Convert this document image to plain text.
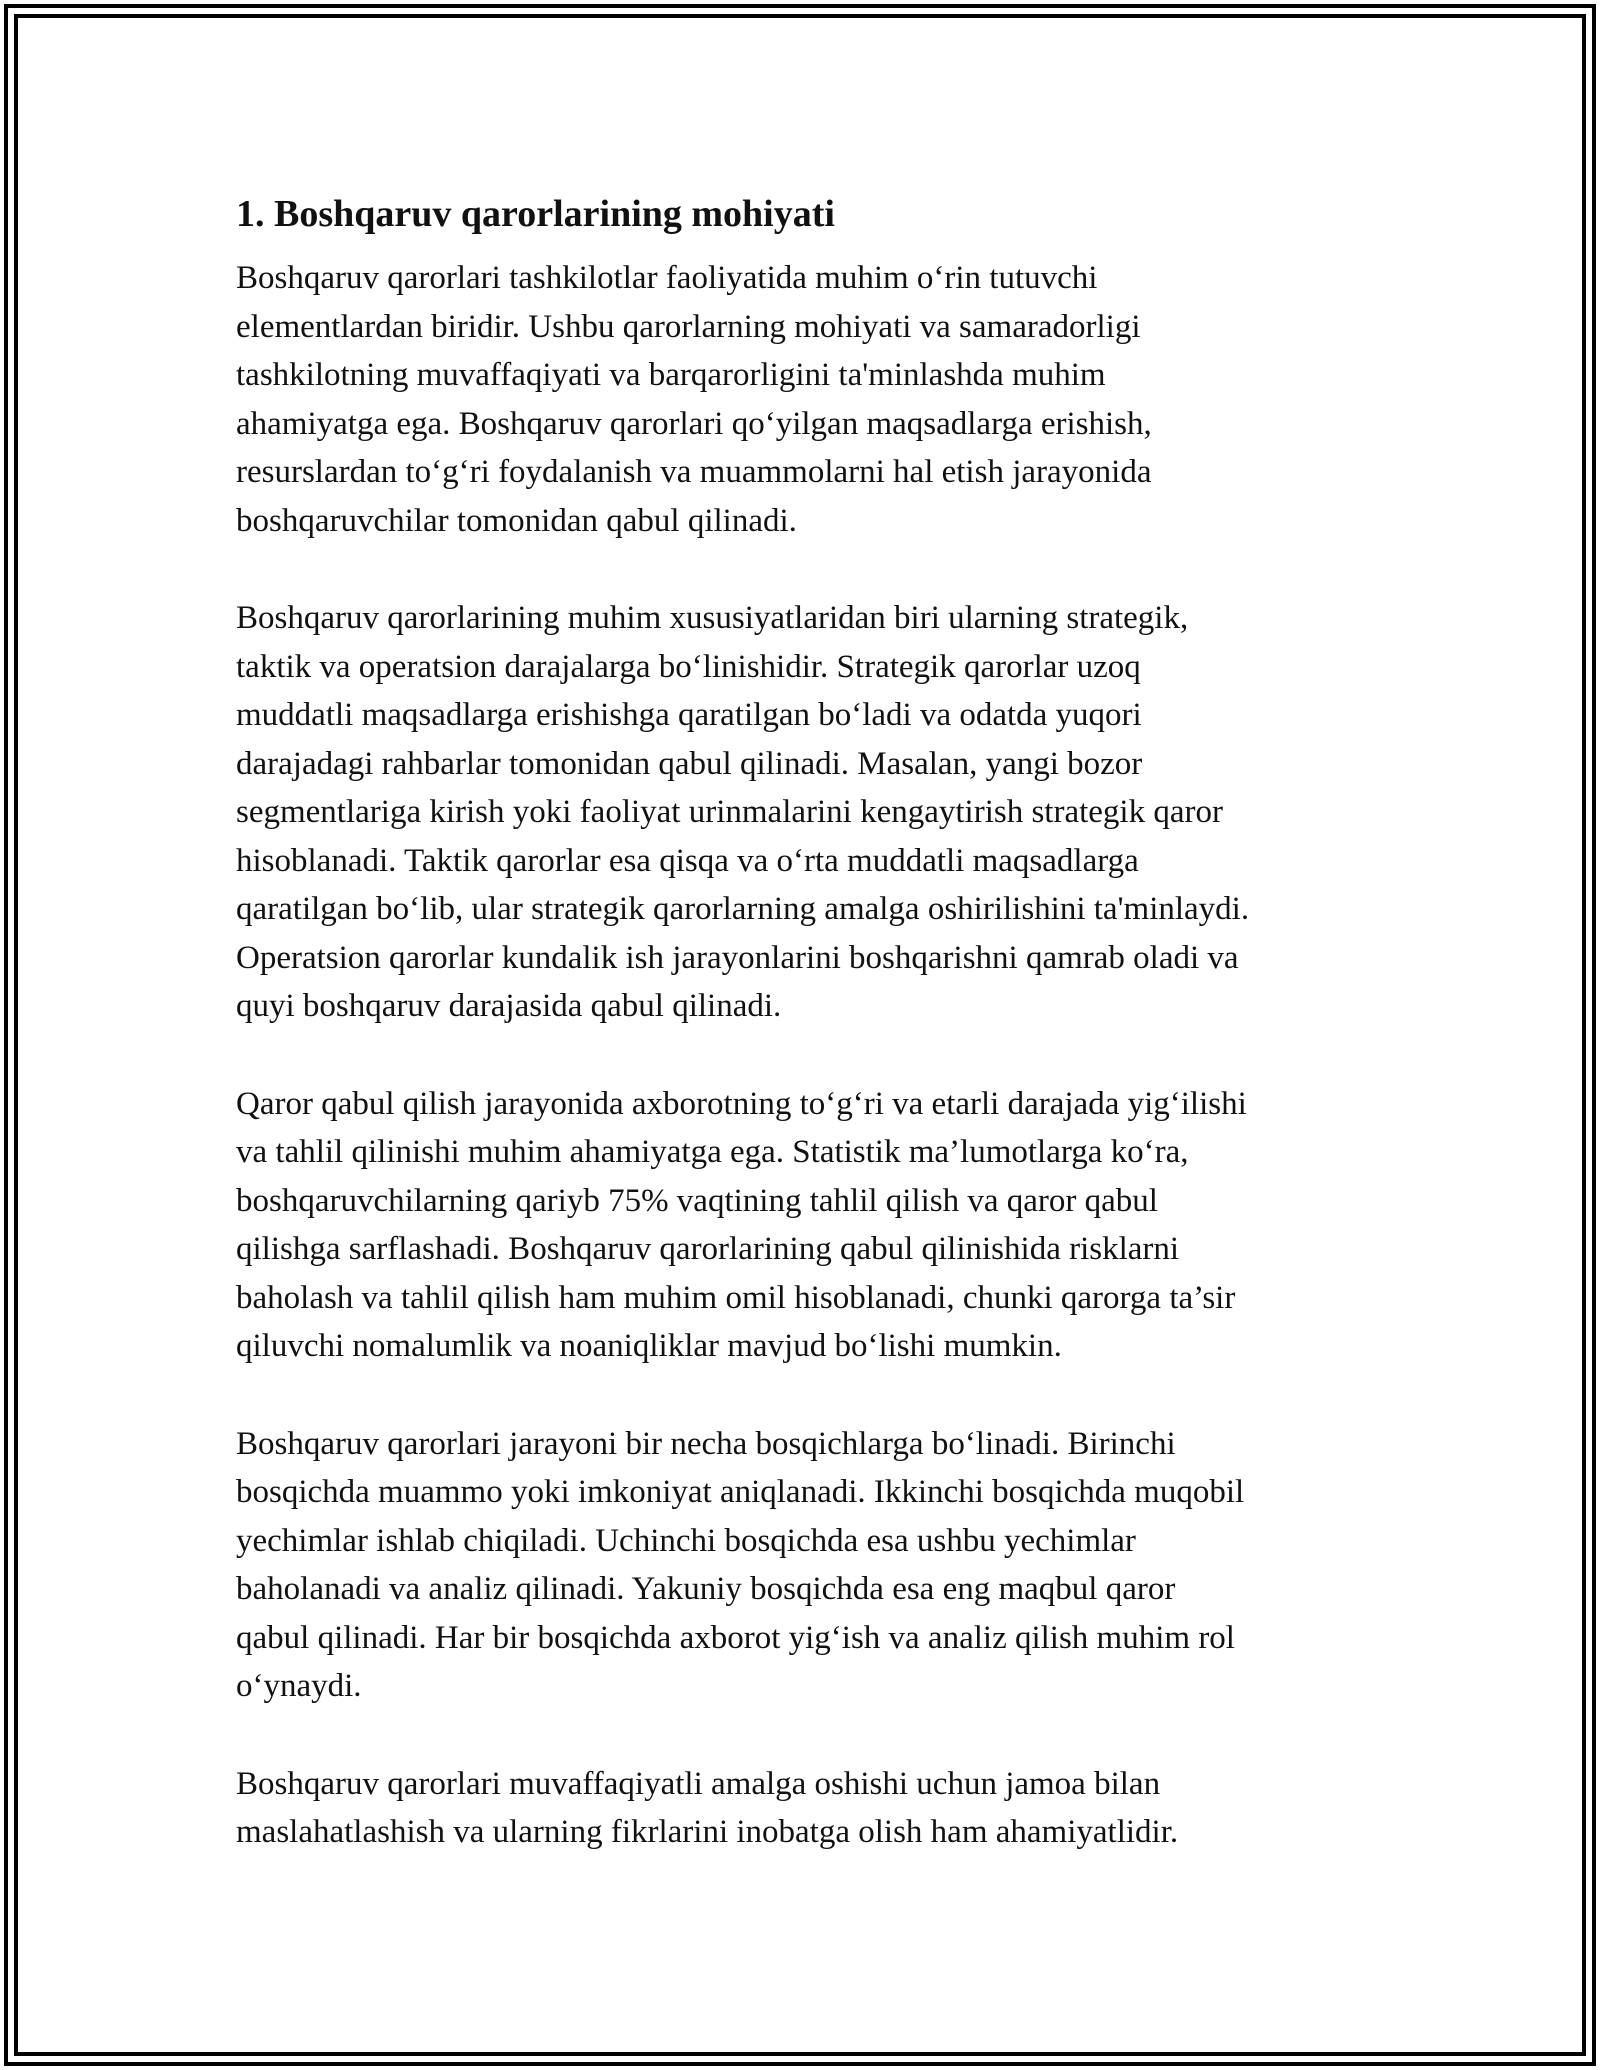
1. Boshqaruv qarorlarining mohiyati

Boshqaruv qarorlari tashkilotlar faoliyatida muhim o‘rin tutuvchi
elementlardan biridir. Ushbu qarorlarning mohiyati va samaradorligi
tashkilotning muvaffaqiyati va barqarorligini ta'minlashda muhim
ahamiyatga ega. Boshqaruv qarorlari qo‘yilgan maqsadlarga erishish,
resurslardan to‘g‘ri foydalanish va muammolarni hal etish jarayonida
boshqaruvchilar tomonidan qabul qilinadi.

Boshqaruv qarorlarining muhim xususiyatlaridan biri ularning strategik,
taktik va operatsion darajalarga bo‘linishidir. Strategik qarorlar uzoq
muddatli maqsadlarga erishishga qaratilgan bo‘ladi va odatda yuqori
darajadagi rahbarlar tomonidan qabul qilinadi. Masalan, yangi bozor
segmentlariga kirish yoki faoliyat urinmalarini kengaytirish strategik qaror
hisoblanadi. Taktik qarorlar esa qisqa va o‘rta muddatli maqsadlarga
qaratilgan bo‘lib, ular strategik qarorlarning amalga oshirilishini ta'minlaydi.
Operatsion qarorlar kundalik ish jarayonlarini boshqarishni qamrab oladi va
quyi boshqaruv darajasida qabul qilinadi.

Qaror qabul qilish jarayonida axborotning to‘g‘ri va etarli darajada yig‘ilishi
va tahlil qilinishi muhim ahamiyatga ega. Statistik ma’lumotlarga ko‘ra,
boshqaruvchilarning qariyb 75% vaqtining tahlil qilish va qaror qabul
qilishga sarflashadi. Boshqaruv qarorlarining qabul qilinishida risklarni
baholash va tahlil qilish ham muhim omil hisoblanadi, chunki qarorga ta’sir
qiluvchi nomalumlik va noaniqliklar mavjud bo‘lishi mumkin.

Boshqaruv qarorlari jarayoni bir necha bosqichlarga bo‘linadi. Birinchi
bosqichda muammo yoki imkoniyat aniqlanadi. Ikkinchi bosqichda muqobil
yechimlar ishlab chiqiladi. Uchinchi bosqichda esa ushbu yechimlar
baholanadi va analiz qilinadi. Yakuniy bosqichda esa eng maqbul qaror
qabul qilinadi. Har bir bosqichda axborot yig‘ish va analiz qilish muhim rol
o‘ynaydi.

Boshqaruv qarorlari muvaffaqiyatli amalga oshishi uchun jamoa bilan
maslahatlashish va ularning fikrlarini inobatga olish ham ahamiyatlidir.
